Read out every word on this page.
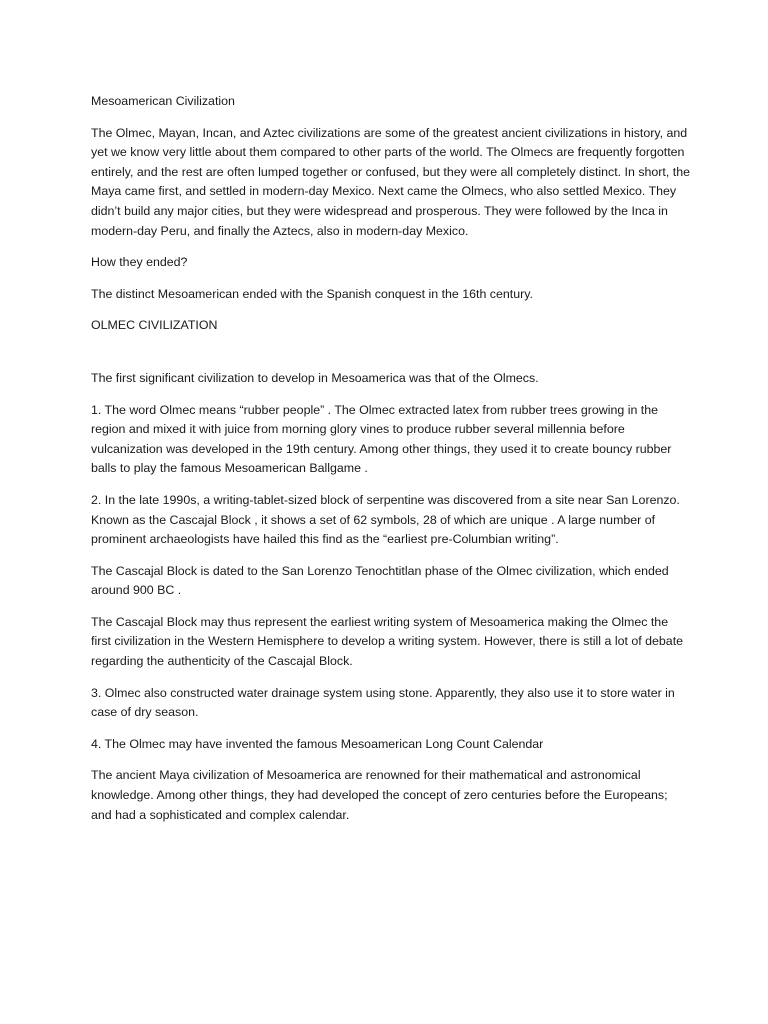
Mesoamerican Civilization

The Olmec, Mayan, Incan, and Aztec civilizations are some of the greatest ancient civilizations in history, and yet we know very little about them compared to other parts of the world. The Olmecs are frequently forgotten entirely, and the rest are often lumped together or confused, but they were all completely distinct. In short, the Maya came first, and settled in modern-day Mexico. Next came the Olmecs, who also settled Mexico. They didn’t build any major cities, but they were widespread and prosperous. They were followed by the Inca in modern-day Peru, and finally the Aztecs, also in modern-day Mexico.

How they ended?

The distinct Mesoamerican ended with the Spanish conquest in the 16th century.

OLMEC CIVILIZATION

The first significant civilization to develop in Mesoamerica was that of the Olmecs.

1. The word Olmec means “rubber people” . The Olmec extracted latex from rubber trees growing in the region and mixed it with juice from morning glory vines to produce rubber several millennia before vulcanization was developed in the 19th century. Among other things, they used it to create bouncy rubber balls to play the famous Mesoamerican Ballgame .

2. In the late 1990s, a writing-tablet-sized block of serpentine was discovered from a site near San Lorenzo. Known as the Cascajal Block , it shows a set of 62 symbols, 28 of which are unique . A large number of prominent archaeologists have hailed this find as the “earliest pre-Columbian writing”.

The Cascajal Block is dated to the San Lorenzo Tenochtitlan phase of the Olmec civilization, which ended around 900 BC .

The Cascajal Block may thus represent the earliest writing system of Mesoamerica making the Olmec the first civilization in the Western Hemisphere to develop a writing system. However, there is still a lot of debate regarding the authenticity of the Cascajal Block.

3. Olmec also constructed water drainage system using stone. Apparently, they also use it to store water in case of dry season.

4. The Olmec may have invented the famous Mesoamerican Long Count Calendar

The ancient Maya civilization of Mesoamerica are renowned for their mathematical and astronomical knowledge. Among other things, they had developed the concept of zero centuries before the Europeans; and had a sophisticated and complex calendar.
